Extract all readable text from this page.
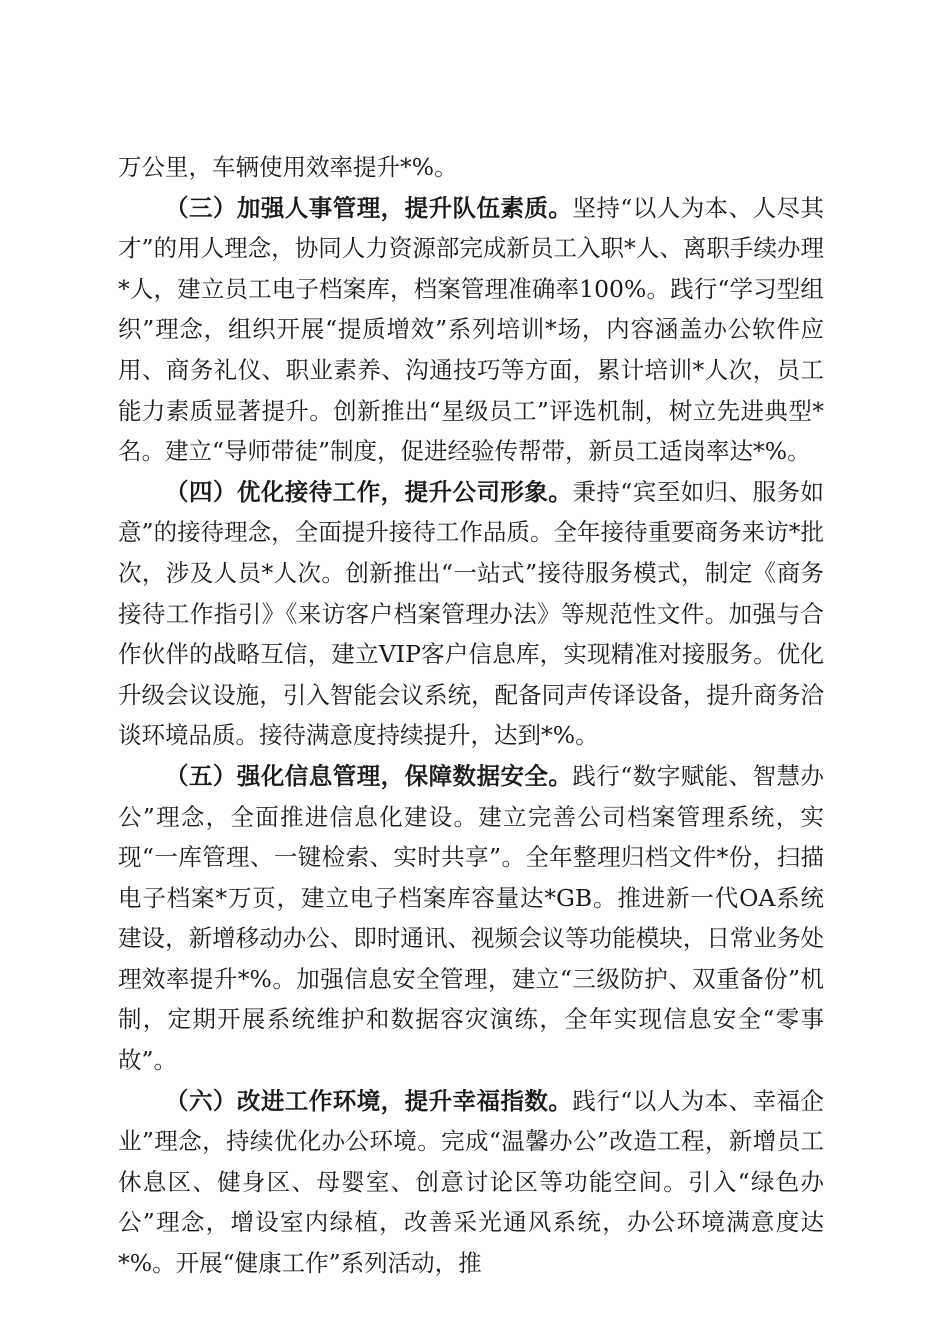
万公里，车辆使用效率提升*%。

（三）加强人事管理，提升队伍素质。坚持“以人为本、人尽其才”的用人理念，协同人力资源部完成新员工入职*人、离职手续办理*人，建立员工电子档案库，档案管理准确率100%。践行“学习型组织”理念，组织开展“提质增效”系列培训*场，内容涵盖办公软件应用、商务礼仪、职业素养、沟通技巧等方面，累计培训*人次，员工能力素质显著提升。创新推出“星级员工”评选机制，树立先进典型*名。建立“导师带徒”制度，促进经验传帮带，新员工适岗率达*%。

（四）优化接待工作，提升公司形象。秉持“宾至如归、服务如意”的接待理念，全面提升接待工作品质。全年接待重要商务来访*批次，涉及人员*人次。创新推出“一站式”接待服务模式，制定《商务接待工作指引》《来访客户档案管理办法》等规范性文件。加强与合作伙伴的战略互信，建立VIP客户信息库，实现精准对接服务。优化升级会议设施，引入智能会议系统，配备同声传译设备，提升商务洽谈环境品质。接待满意度持续提升，达到*%。

（五）强化信息管理，保障数据安全。践行“数字赋能、智慧办公”理念，全面推进信息化建设。建立完善公司档案管理系统，实现“一库管理、一键检索、实时共享”。全年整理归档文件*份，扫描电子档案*万页，建立电子档案库容量达*GB。推进新一代OA系统建设，新增移动办公、即时通讯、视频会议等功能模块，日常业务处理效率提升*%。加强信息安全管理，建立“三级防护、双重备份”机制，定期开展系统维护和数据容灾演练，全年实现信息安全“零事故”。

（六）改进工作环境，提升幸福指数。践行“以人为本、幸福企业”理念，持续优化办公环境。完成“温馨办公”改造工程，新增员工休息区、健身区、母婴室、创意讨论区等功能空间。引入“绿色办公”理念，增设室内绿植，改善采光通风系统，办公环境满意度达*%。开展“健康工作”系列活动，推
